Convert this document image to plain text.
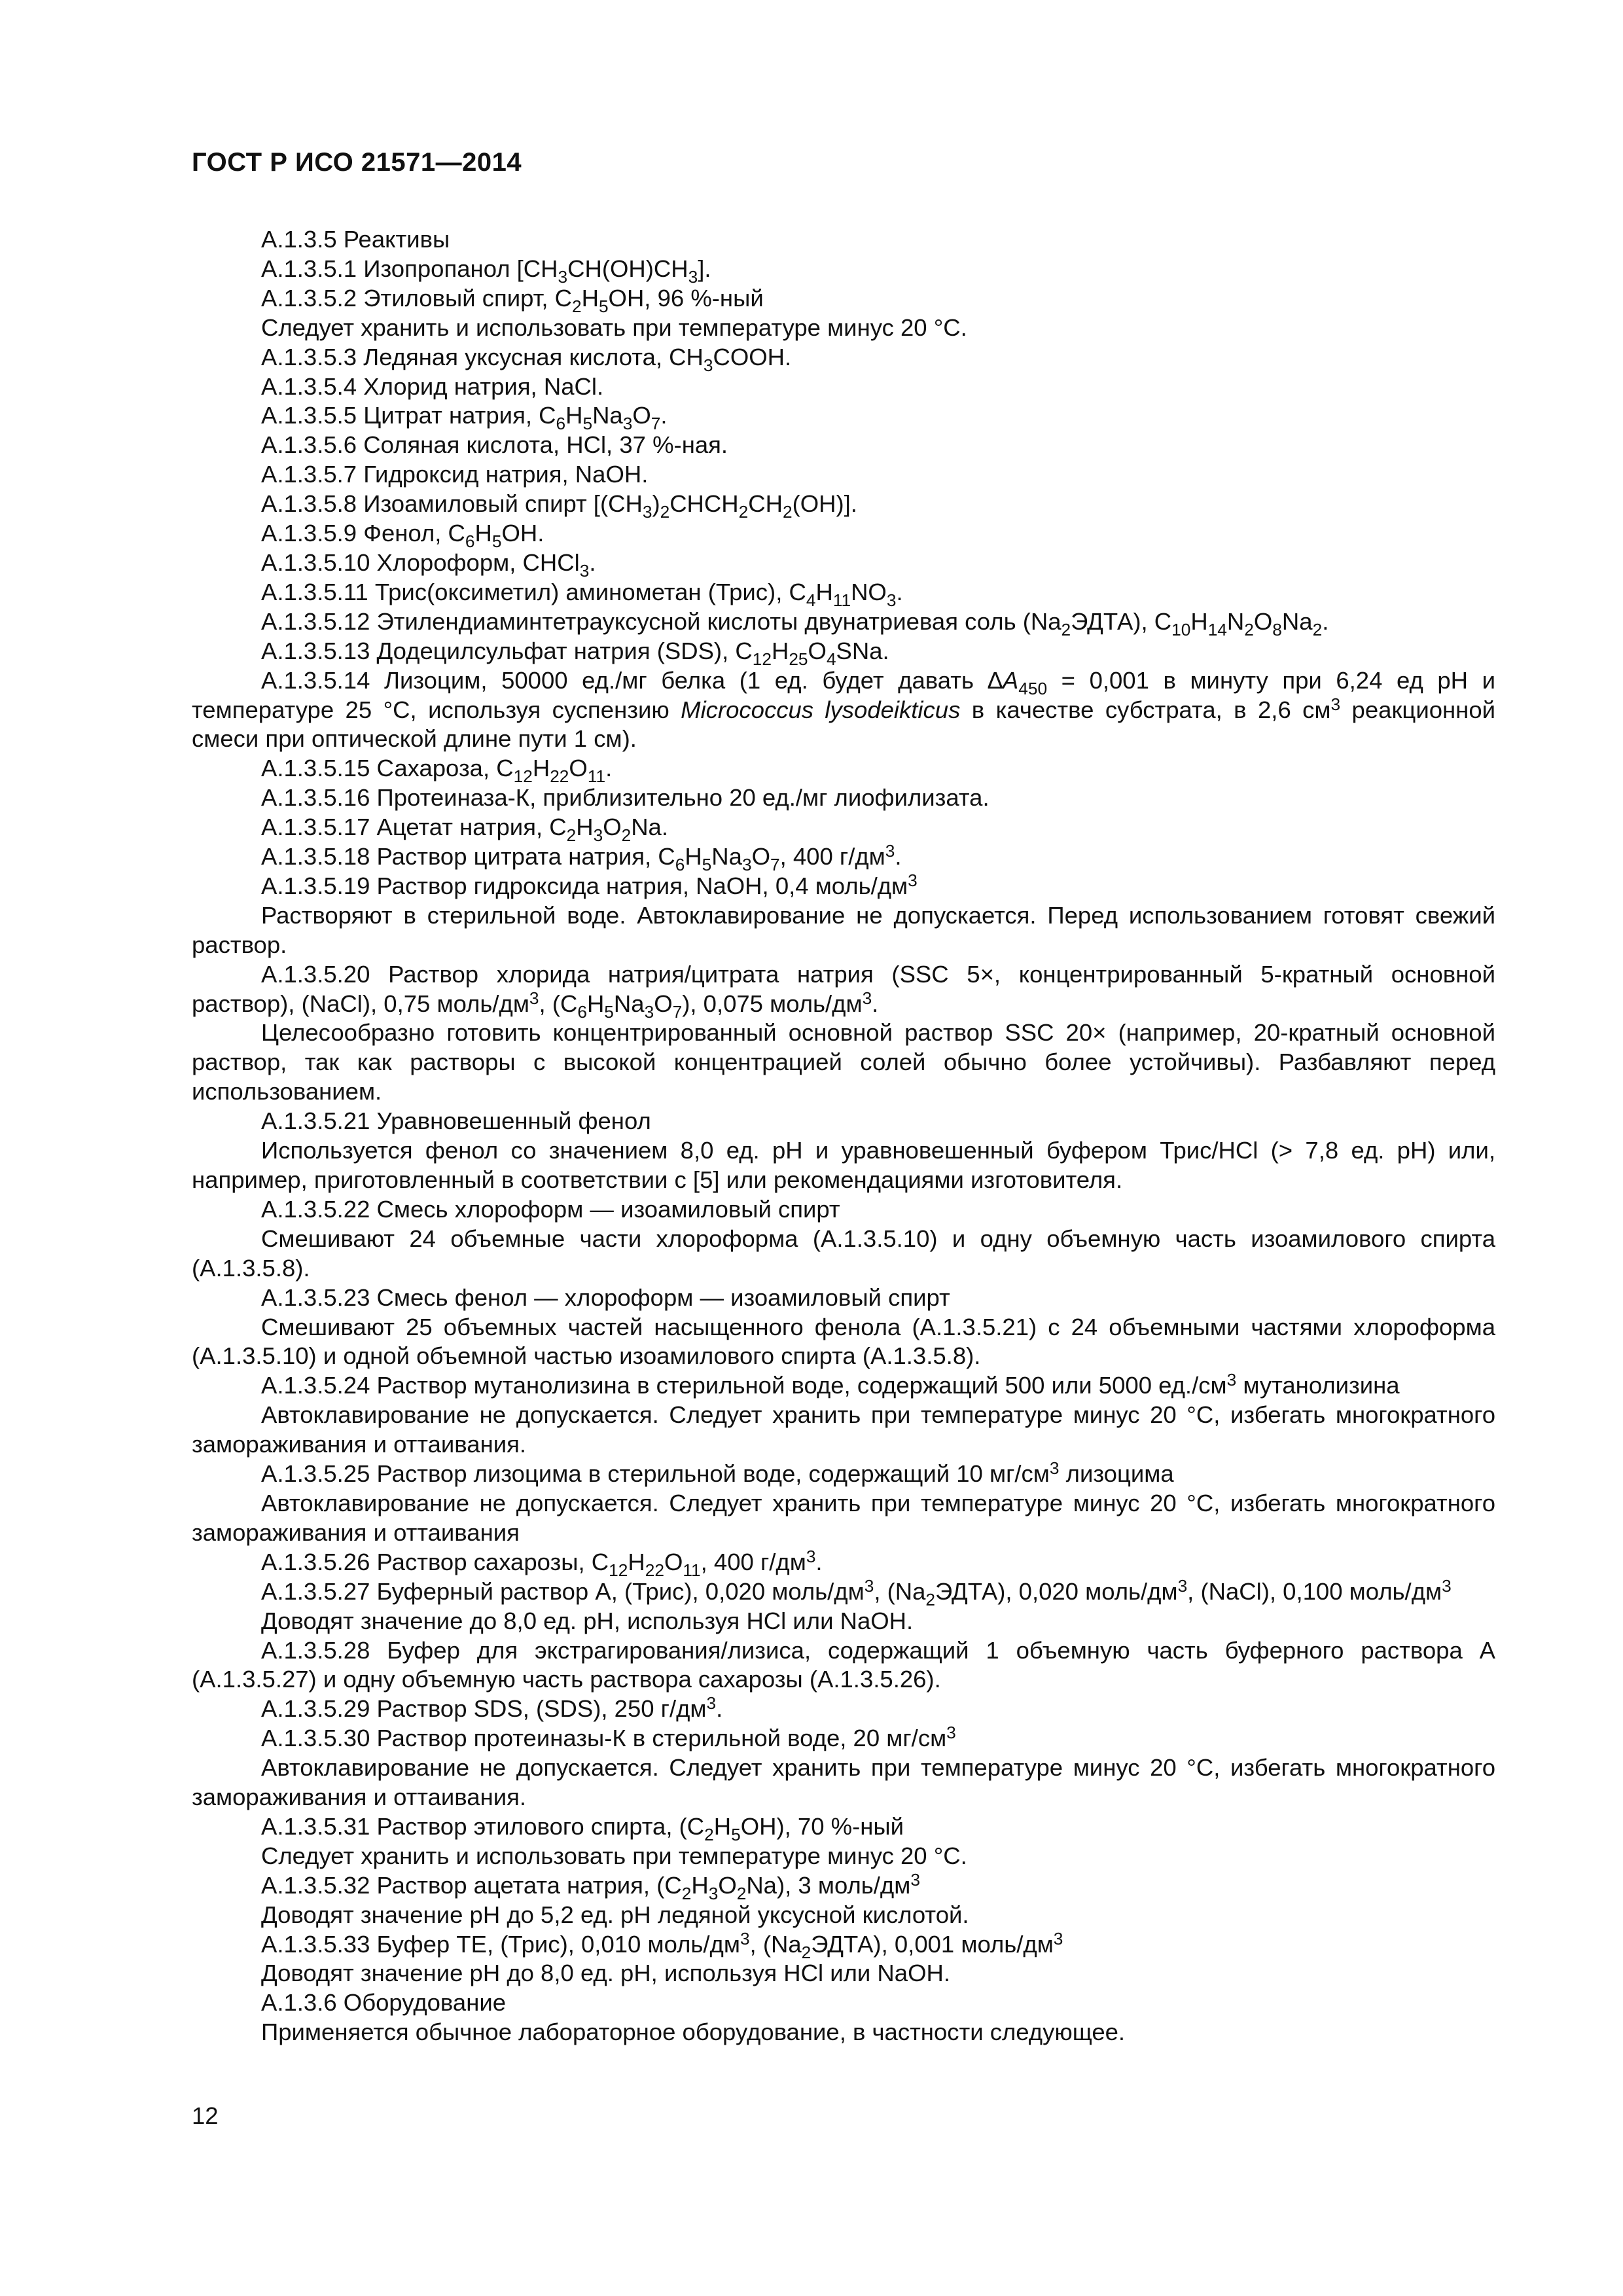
ГОСТ Р ИСО 21571—2014

А.1.3.5 Реактивы

А.1.3.5.1 Изопропанол $[CH_3CH(OH)CH_3]$.

А.1.3.5.2 Этиловый спирт, $C_2H_5OH$, 96 %-ный

Следует хранить и использовать при температуре минус 20 °С.

А.1.3.5.3 Ледяная уксусная кислота, $CH_3COOH$.

А.1.3.5.4 Хлорид натрия, NaCl.

А.1.3.5.5 Цитрат натрия, $C_6H_5Na_3O_7$.

А.1.3.5.6 Соляная кислота, HCl, 37 %-ная.

А.1.3.5.7 Гидроксид натрия, NaOH.

А.1.3.5.8 Изоамиловый спирт $[(CH_3)_2CHCH_2CH_2(OH)]$.

А.1.3.5.9 Фенол, $C_6H_5OH$.

А.1.3.5.10 Хлороформ, CHCl$_3$.

А.1.3.5.11 Трис(оксиметил) аминометан (Трис), $C_4H_{11}NO_3$.

А.1.3.5.12 Этилендиаминтетрауксусной кислоты двунатриевая соль $(Na_2ЭДТА)$, $C_{10}H_{14}N_2O_8Na_2$.

А.1.3.5.13 Додецилсульфат натрия (SDS), $C_{12}H_{25}O_4SNa$.

А.1.3.5.14 Лизоцим, 50000 ед./мг белка (1 ед. будет давать $\Delta A_{450} = 0,001$ в минуту при 6,24 ед pH и температуре 25 °С, используя суспензию Micrococcus lysodeikticus в качестве субстрата, в 2,6 $см^3$ реакционной смеси при оптической длине пути 1 см).

А.1.3.5.15 Сахароза, $C_{12}H_{22}O_{11}$.

А.1.3.5.16 Протеиназа-К, приблизительно 20 ед./мг лиофилизата.

А.1.3.5.17 Ацетат натрия, $C_2H_3O_2Na$.

А.1.3.5.18 Раствор цитрата натрия, $C_6H_5Na_3O_7$, 400 $г/дм^3$.

А.1.3.5.19 Раствор гидроксида натрия, NaOH, 0,4 моль/$дм^3$

Растворяют в стерильной воде. Автоклавирование не допускается. Перед использованием готовят свежий раствор.

А.1.3.5.20 Раствор хлорида натрия/цитрата натрия (SSC 5×, концентрированный 5-кратный основной раствор), (NaCl), 0,75 моль/$дм^3$, $(C_6H_5Na_3O_7)$, 0,075 моль/$дм^3$.

Целесообразно готовить концентрированный основной раствор SSC 20× (например, 20-кратный основной раствор, так как растворы с высокой концентрацией солей обычно более устойчивы). Разбавляют перед использованием.

А.1.3.5.21 Уравновешенный фенол

Используется фенол со значением 8,0 ед. pH и уравновешенный буфером Трис/HCl (> 7,8 ед. pH) или, например, приготовленный в соответствии с [5] или рекомендациями изготовителя.

А.1.3.5.22 Смесь хлороформ — изоамиловый спирт

Смешивают 24 объемные части хлороформа (А.1.3.5.10) и одну объемную часть изоамилового спирта (А.1.3.5.8).

А.1.3.5.23 Смесь фенол — хлороформ — изоамиловый спирт

Смешивают 25 объемных частей насыщенного фенола (А.1.3.5.21) с 24 объемными частями хлороформа (А.1.3.5.10) и одной объемной частью изоамилового спирта (А.1.3.5.8).

А.1.3.5.24 Раствор мутанолизина в стерильной воде, содержащий 500 или 5000 $ед./см^3$ мутанолизина

Автоклавирование не допускается. Следует хранить при температуре минус 20 °С, избегать многократного замораживания и оттаивания.

А.1.3.5.25 Раствор лизоцима в стерильной воде, содержащий 10 $мг/см^3$ лизоцима

Автоклавирование не допускается. Следует хранить при температуре минус 20 °С, избегать многократного замораживания и оттаивания

А.1.3.5.26 Раствор сахарозы, $C_{12}H_{22}O_{11}$, 400 $г/дм^3$.

А.1.3.5.27 Буферный раствор А, (Трис), 0,020 моль/$дм^3$, $(Na_2ЭДТА)$, 0,020 моль/$дм^3$, (NaCl), 0,100 моль/$дм^3$

Доводят значение до 8,0 ед. pH, используя HCl или NaOH.

А.1.3.5.28 Буфер для экстрагирования/лизиса, содержащий 1 объемную часть буферного раствора А (А.1.3.5.27) и одну объемную часть раствора сахарозы (А.1.3.5.26).

А.1.3.5.29 Раствор SDS, (SDS), 250 $г/дм^3$.

А.1.3.5.30 Раствор протеиназы-К в стерильной воде, 20 $мг/см^3$

Автоклавирование не допускается. Следует хранить при температуре минус 20 °С, избегать многократного замораживания и оттаивания.

А.1.3.5.31 Раствор этилового спирта, $(C_2H_5OH)$, 70 %-ный

Следует хранить и использовать при температуре минус 20 °С.

А.1.3.5.32 Раствор ацетата натрия, $(C_2H_3O_2Na)$, 3 моль/$дм^3$

Доводят значение pH до 5,2 ед. pH ледяной уксусной кислотой.

А.1.3.5.33 Буфер ТЕ, (Трис), 0,010 моль/$дм^3$, $(Na_2ЭДТА)$, 0,001 моль/$дм^3$

Доводят значение pH до 8,0 ед. pH, используя HCl или NaOH.

А.1.3.6 Оборудование

Применяется обычное лабораторное оборудование, в частности следующее.

12
